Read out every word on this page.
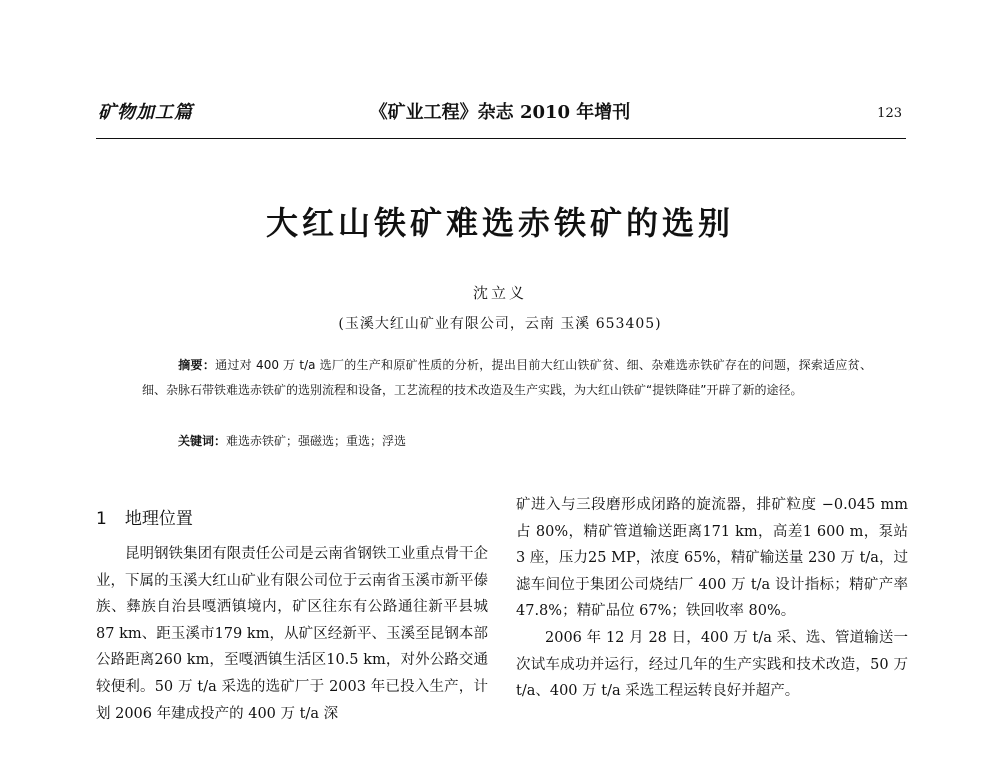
矿物加工篇	《矿业工程》杂志 2010 年增刊	123
大红山铁矿难选赤铁矿的选别
沈立义
(玉溪大红山矿业有限公司，云南 玉溪 653405)
摘要：通过对 400 万 t/a 选厂的生产和原矿性质的分析，提出目前大红山铁矿贫、细、杂难选赤铁矿存在的问题，探索适应贫、细、杂脉石带铁难选赤铁矿的选别流程和设备，工艺流程的技术改造及生产实践，为大红山铁矿“提铁降硅”开辟了新的途径。
关键词：难选赤铁矿；强磁选；重选；浮选
1 地理位置

昆明钢铁集团有限责任公司是云南省钢铁工业重点骨干企业，下属的玉溪大红山矿业有限公司位于云南省玉溪市新平傣族、彝族自治县嘎洒镇境内，矿区往东有公路通往新平县城87 km、距玉溪市179 km，从矿区经新平、玉溪至昆钢本部公路距离260 km，至嘎洒镇生活区10.5 km，对外公路交通较便利。50 万 t/a 采选的选矿厂于 2003 年已投入生产，计划 2006 年建成投产的 400 万 t/a 深

矿进入与三段磨形成闭路的旋流器，排矿粒度 −0.045 mm占 80%，精矿管道输送距离171 km，高差1 600 m，泵站 3 座，压力25 MP，浓度 65%，精矿输送量 230 万 t/a，过滤车间位于集团公司烧结厂 400 万 t/a 设计指标；精矿产率 47.8%；精矿品位 67%；铁回收率 80%。

2006 年 12 月 28 日，400 万 t/a 采、选、管道输送一次试车成功并运行，经过几年的生产实践和技术改造，50 万 t/a、400 万 t/a 采选工程运转良好并超产。
